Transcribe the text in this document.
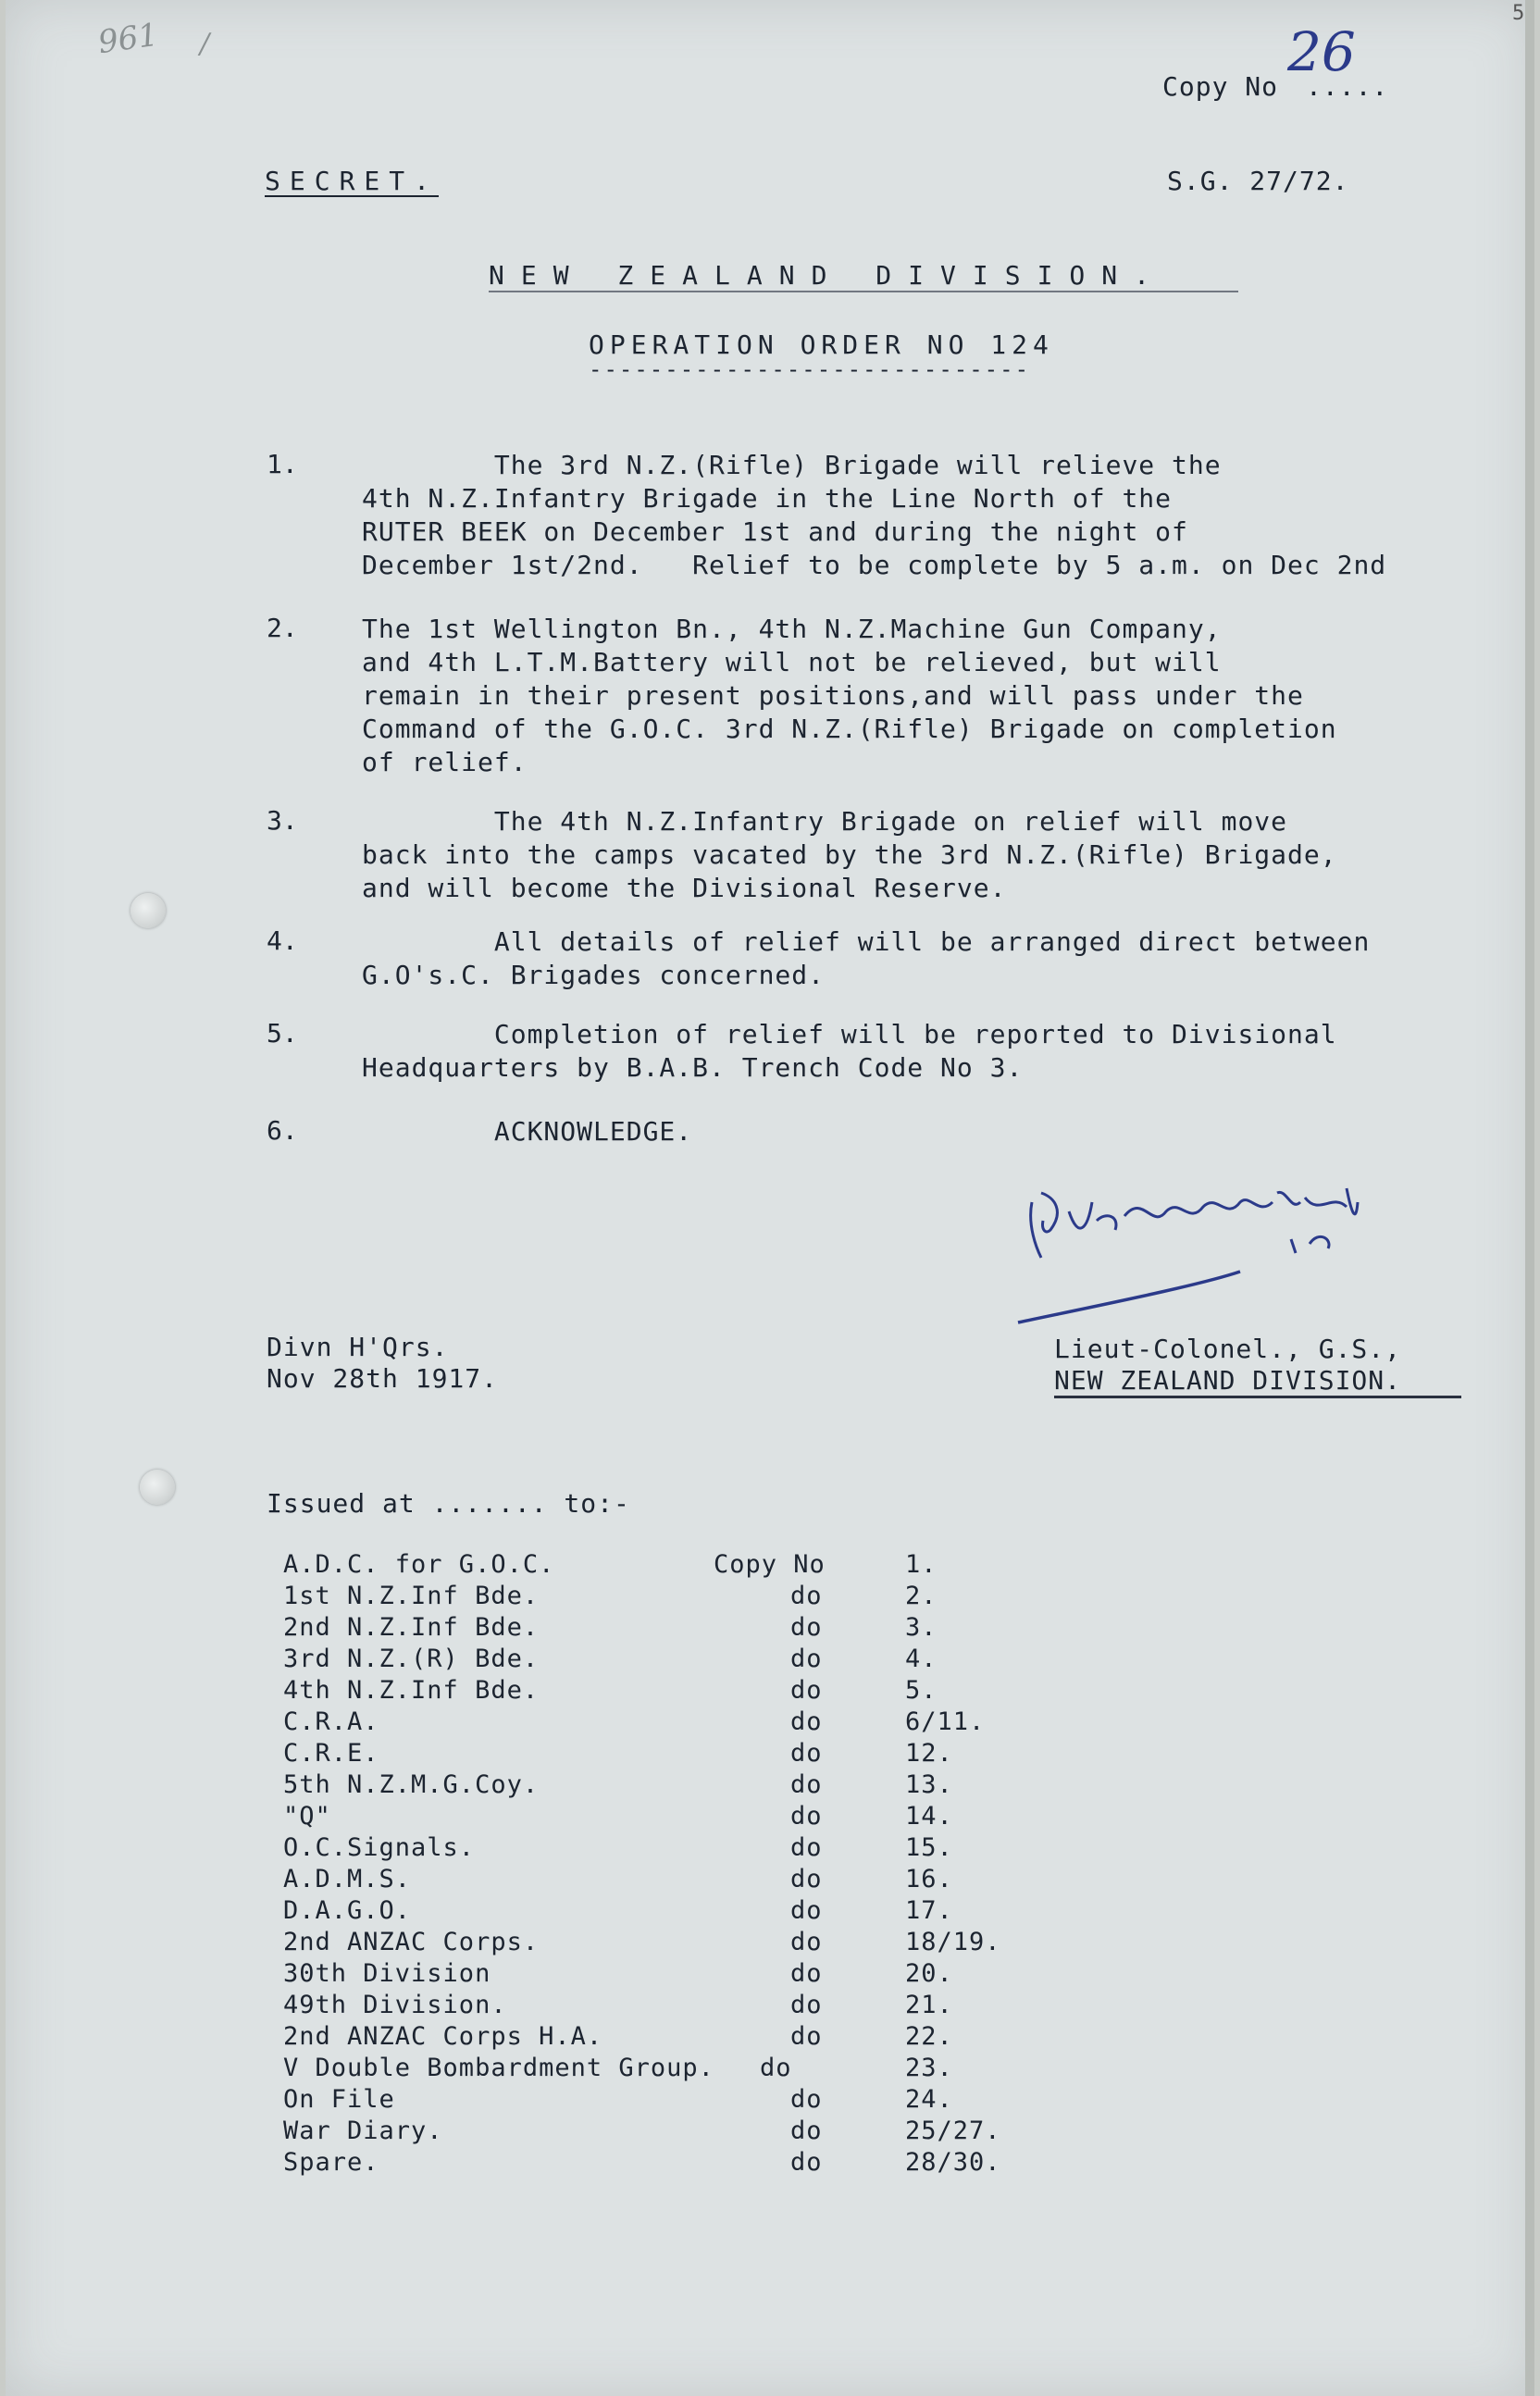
961 /
5
Copy No .....
26
SECRET.	S.G. 27/72.
NEW ZEALAND DIVISION.
OPERATION ORDER NO 124
-----------------------------
1. The 3rd N.Z.(Rifle) Brigade will relieve the
4th N.Z.Infantry Brigade in the Line North of the
RUTER BEEK on December 1st and during the night of
December 1st/2nd.   Relief to be complete by 5 a.m. on Dec 2nd
2. The 1st Wellington Bn., 4th N.Z.Machine Gun Company,
and 4th L.T.M.Battery will not be relieved, but will
remain in their present positions,and will pass under the
Command of the G.O.C. 3rd N.Z.(Rifle) Brigade on completion
of relief.
3. The 4th N.Z.Infantry Brigade on relief will move
back into the camps vacated by the 3rd N.Z.(Rifle) Brigade,
and will become the Divisional Reserve.
4. All details of relief will be arranged direct between
G.O's.C. Brigades concerned.
5. Completion of relief will be reported to Divisional
Headquarters by B.A.B. Trench Code No 3.
6. ACKNOWLEDGE.

Divn H'Qrs.
Nov 28th 1917.
Lieut-Colonel., G.S.,
NEW ZEALAND DIVISION.
Issued at ....... to:-
A.D.C. for G.O.C.	Copy No	1.
1st N.Z.Inf Bde.	do	2.
2nd N.Z.Inf Bde.	do	3.
3rd N.Z.(R) Bde.	do	4.
4th N.Z.Inf Bde.	do	5.
C.R.A.	do	6/11.
C.R.E.	do	12.
5th N.Z.M.G.Coy.	do	13.
"Q"	do	14.
O.C.Signals.	do	15.
A.D.M.S.	do	16.
D.A.G.O.	do	17.
2nd ANZAC Corps.	do	18/19.
30th Division	do	20.
49th Division.	do	21.
2nd ANZAC Corps H.A.	do	22.
V Double Bombardment Group. do	23.
On File	do	24.
War Diary.	do	25/27.
Spare.	do	28/30.
